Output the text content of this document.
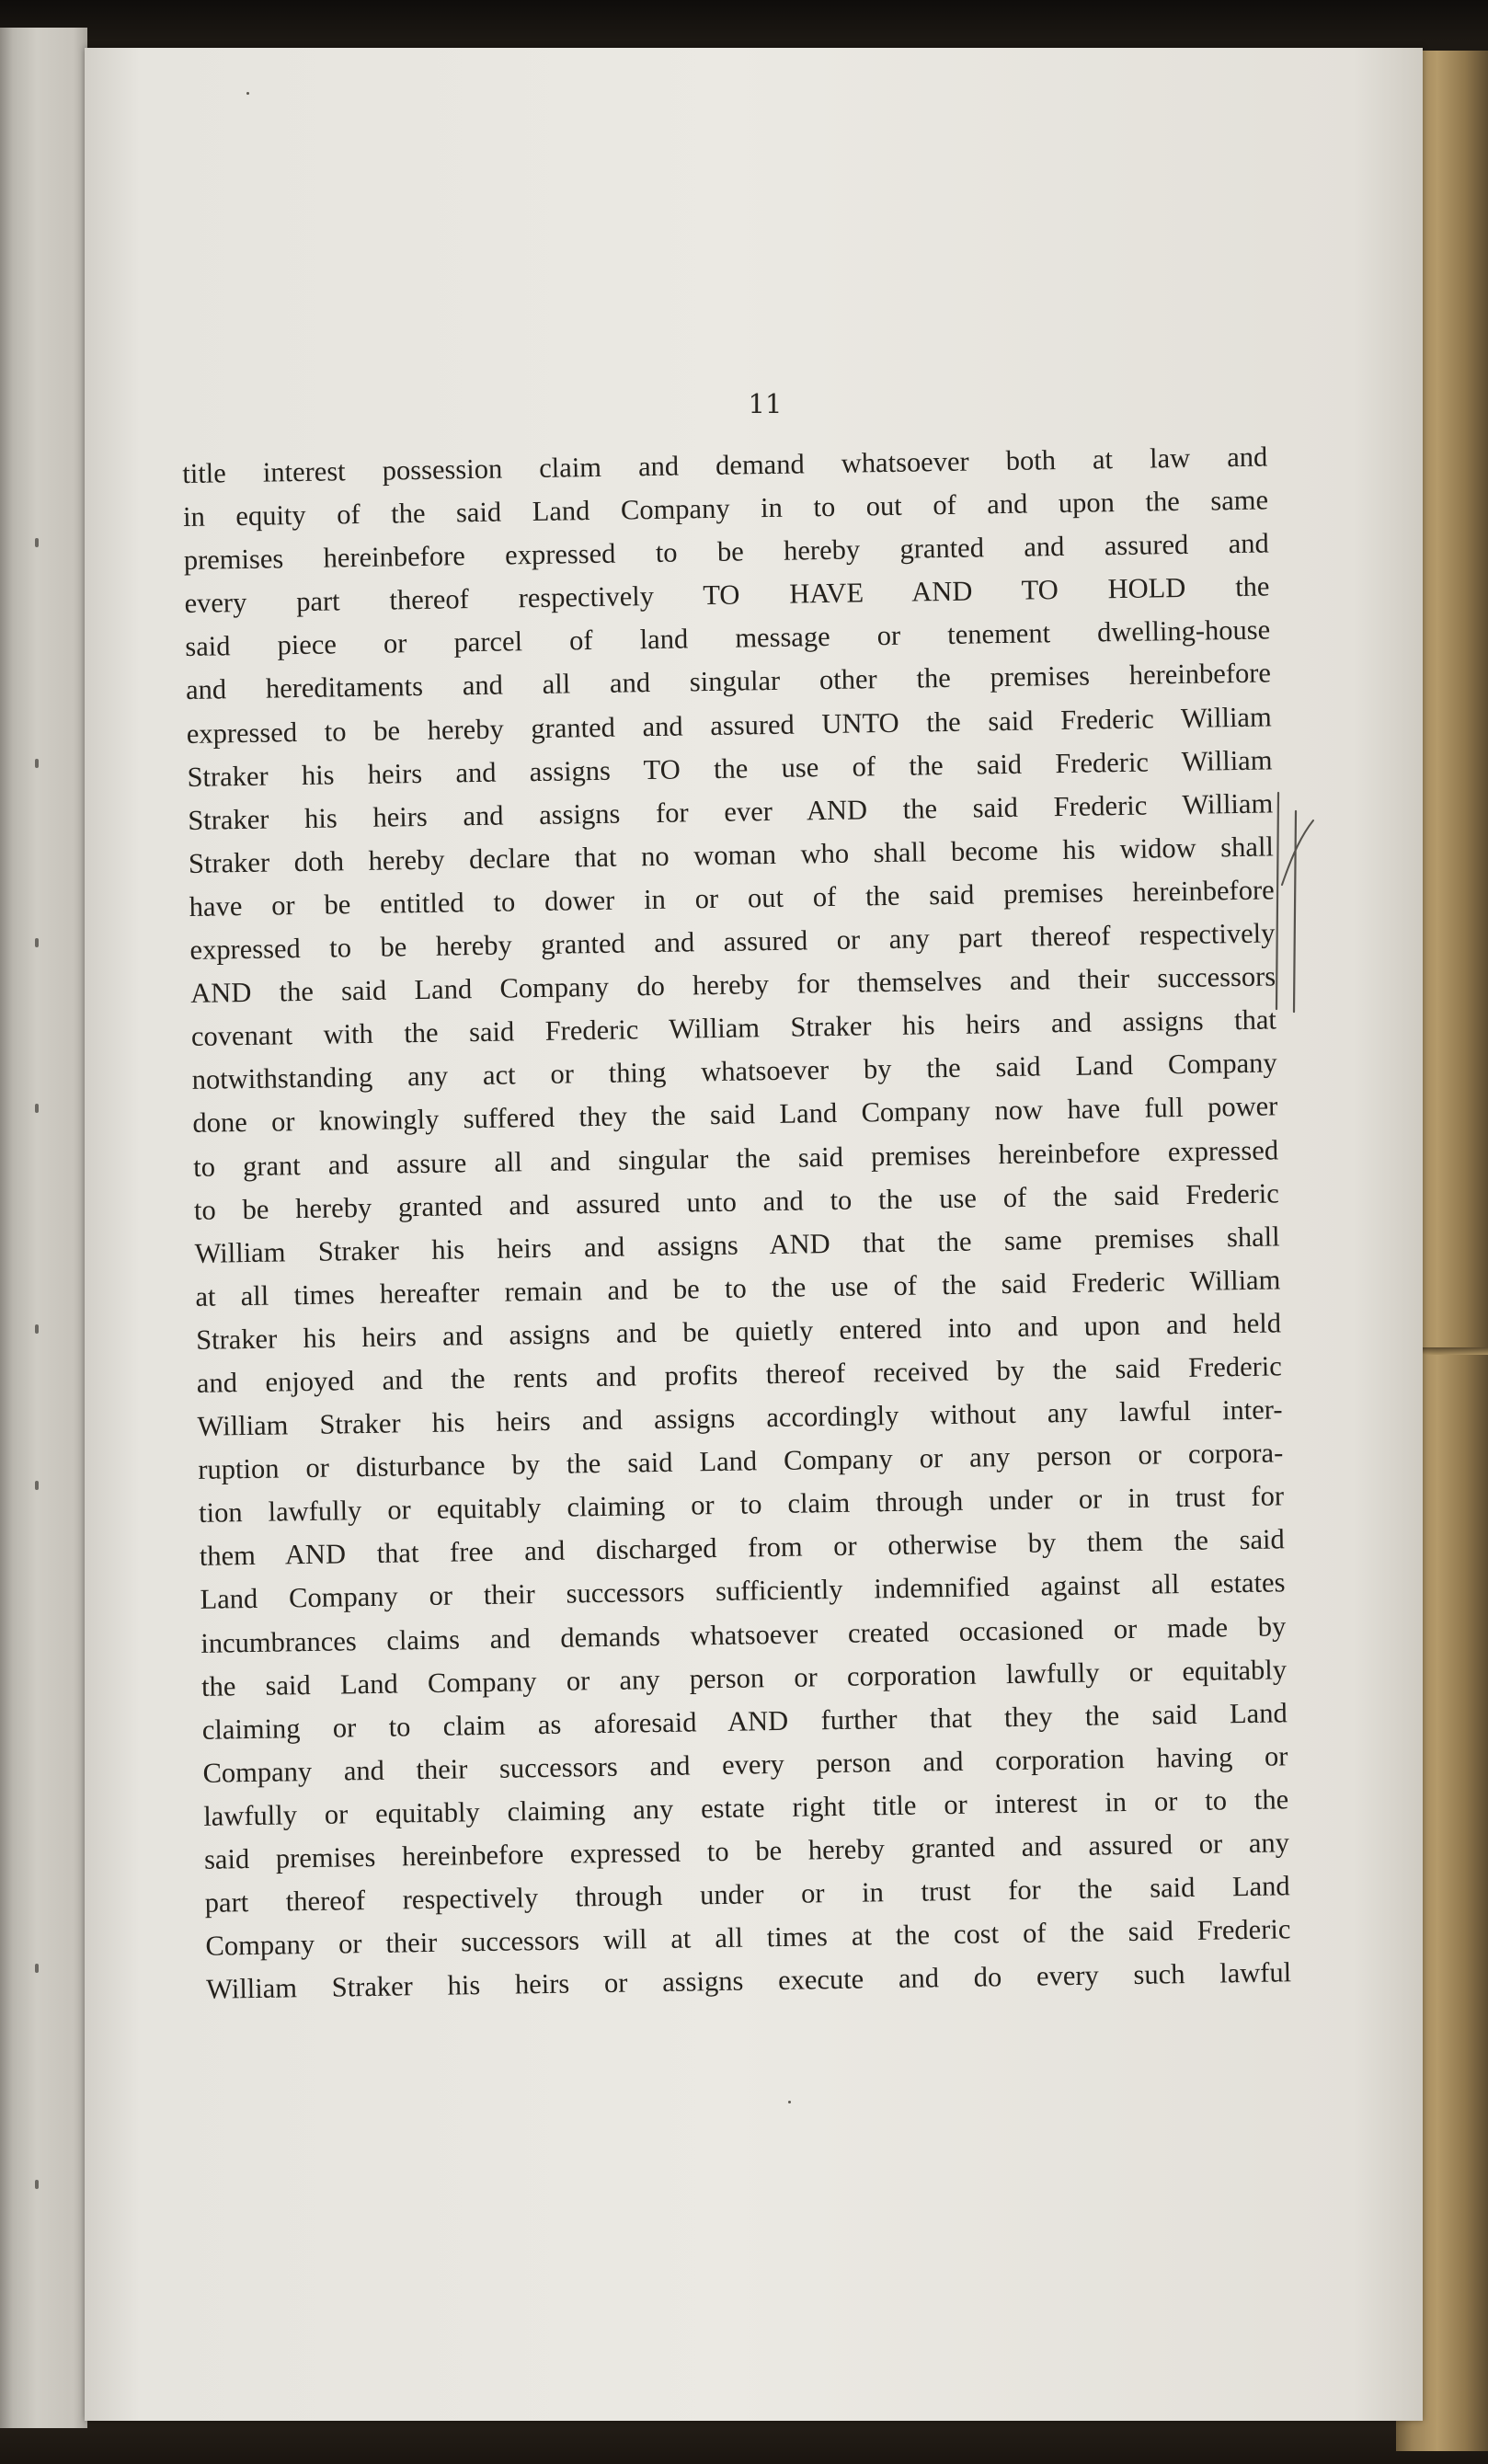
11
title interest possession claim and demand whatsoever both at law and
in equity of the said Land Company in to out of and upon the same
premises hereinbefore expressed to be hereby granted and assured and
every part thereof respectively TO HAVE AND TO HOLD the
said piece or parcel of land message or tenement dwelling-house
and hereditaments and all and singular other the premises hereinbefore
expressed to be hereby granted and assured UNTO the said Frederic William
Straker his heirs and assigns TO the use of the said Frederic William
Straker his heirs and assigns for ever AND the said Frederic William
Straker doth hereby declare that no woman who shall become his widow shall
have or be entitled to dower in or out of the said premises hereinbefore
expressed to be hereby granted and assured or any part thereof respectively
AND the said Land Company do hereby for themselves and their successors
covenant with the said Frederic William Straker his heirs and assigns that
notwithstanding any act or thing whatsoever by the said Land Company
done or knowingly suffered they the said Land Company now have full power
to grant and assure all and singular the said premises hereinbefore expressed
to be hereby granted and assured unto and to the use of the said Frederic
William Straker his heirs and assigns AND that the same premises shall
at all times hereafter remain and be to the use of the said Frederic William
Straker his heirs and assigns and be quietly entered into and upon and held
and enjoyed and the rents and profits thereof received by the said Frederic
William Straker his heirs and assigns accordingly without any lawful inter-
ruption or disturbance by the said Land Company or any person or corpora-
tion lawfully or equitably claiming or to claim through under or in trust for
them AND that free and discharged from or otherwise by them the said
Land Company or their successors sufficiently indemnified against all estates
incumbrances claims and demands whatsoever created occasioned or made by
the said Land Company or any person or corporation lawfully or equitably
claiming or to claim as aforesaid AND further that they the said Land
Company and their successors and every person and corporation having or
lawfully or equitably claiming any estate right title or interest in or to the
said premises hereinbefore expressed to be hereby granted and assured or any
part thereof respectively through under or in trust for the said Land
Company or their successors will at all times at the cost of the said Frederic
William Straker his heirs or assigns execute and do every such lawful
